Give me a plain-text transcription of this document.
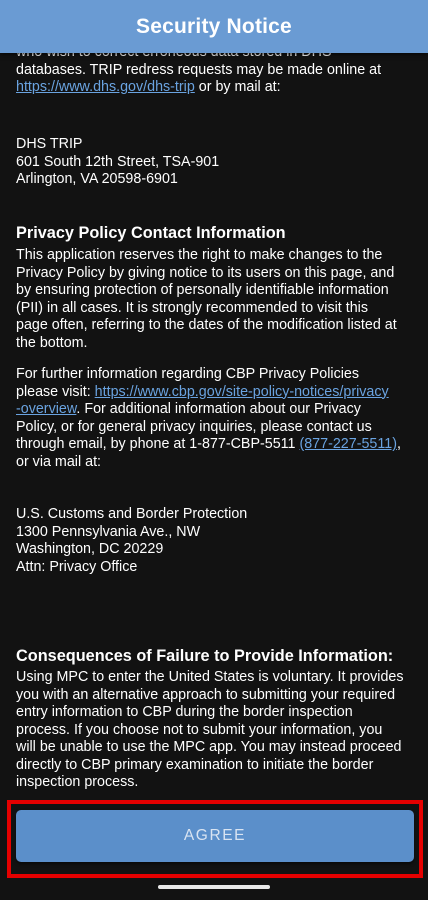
Security Notice
databases. TRIP redress requests may be made online at
https://www.dhs.gov/dhs-trip or by mail at:
DHS TRIP
601 South 12th Street, TSA-901
Arlington, VA 20598-6901
Privacy Policy Contact Information
This application reserves the right to make changes to the
Privacy Policy by giving notice to its users on this page, and
by ensuring protection of personally identifiable information
(PII) in all cases. It is strongly recommended to visit this
page often, referring to the dates of the modification listed at
the bottom.
For further information regarding CBP Privacy Policies
please visit: https://www.cbp.gov/site-policy-notices/privacy
-overview. For additional information about our Privacy
Policy, or for general privacy inquiries, please contact us
through email, by phone at 1-877-CBP-5511 (877-227-5511),
or via mail at:
U.S. Customs and Border Protection
1300 Pennsylvania Ave., NW
Washington, DC 20229
Attn: Privacy Office
Consequences of Failure to Provide Information:
Using MPC to enter the United States is voluntary. It provides
you with an alternative approach to submitting your required
entry information to CBP during the border inspection
process. If you choose not to submit your information, you
will be unable to use the MPC app. You may instead proceed
directly to CBP primary examination to initiate the border
inspection process.
AGREE
